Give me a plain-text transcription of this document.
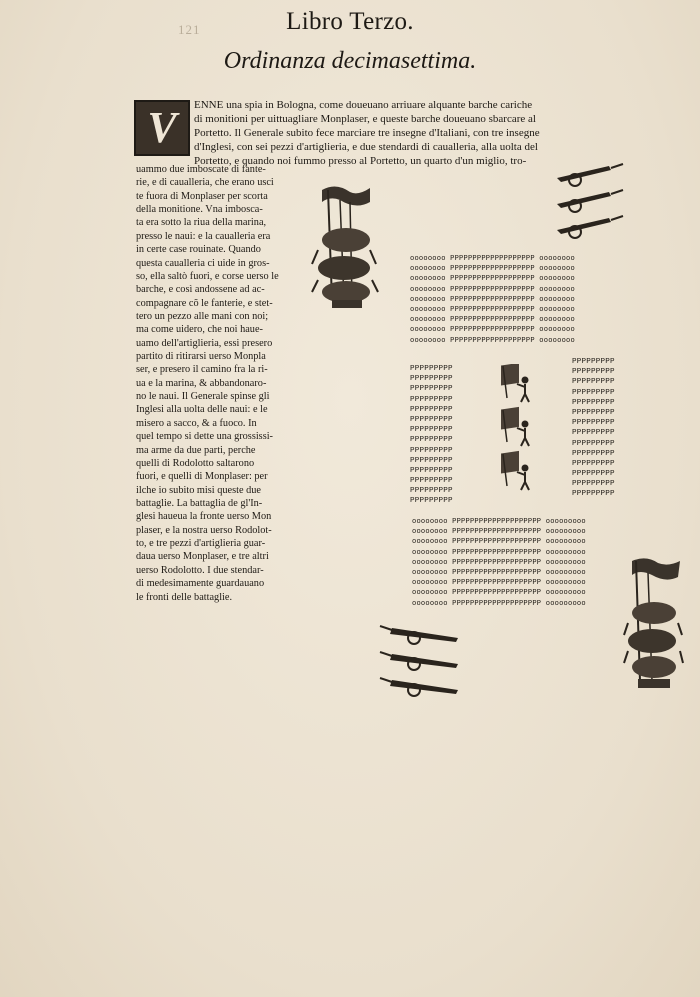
121	Libro Terzo.
Ordinanza decimasettima.
V ENNE una spia in Bologna, come doueuano arriuare alquante barche cariche
di monitioni per uittuagliare Monplaser, e queste barche doueuano sbarcare al
Portetto. Il Generale subito fece marciare tre insegne d'Italiani, con tre insegne
d'Inglesi, con sei pezzi d'artiglieria, e due stendardi di caualleria, alla uolta del
Portetto, e quando noi fummo presso al Portetto, un quarto d'un miglio, tro-
uammo due imboscate di fante-
rie, e di caualleria, che erano usci
te fuora di Monplaser per scorta
della monitione. Vna imbosca-
ta era sotto la riua della marina,
presso le naui: e la caualleria era
in certe case rouinate. Quando
questa caualleria ci uide in gros-
so, ella saltò fuori, e corse uerso le
barche, e così andossene ad ac-
compagnare cõ le fanterie, e stet-
tero un pezzo alle mani con noi;
ma come uidero, che noi haue-
uamo dell'artiglieria, essi presero
partito di ritirarsi uerso Monpla
ser, e presero il camino fra la ri-
ua e la marina, & abbandonaro-
no le naui. Il Generale spinse gli
Inglesi alla uolta delle naui: e le
misero a sacco, & a fuoco. In
quel tempo si dette una grossissi-
ma arme da due parti, perche
quelli di Rodolotto saltarono
fuori, e quelli di Monplaser: per
ilche io subito misi queste due
battaglie. La battaglia de gl'In-
glesi haueua la fronte uerso Mon
plaser, e la nostra uerso Rodolot-
to, e tre pezzi d'artiglieria guar-
daua uerso Monplaser, e tre altri
uerso Rodolotto. I due stendar-
di medesimamente guardauano
le fronti delle battaglie.
oooooooo PPPPPPPPPPPPPPPPPPP oooooooo
oooooooo PPPPPPPPPPPPPPPPPPP oooooooo
oooooooo PPPPPPPPPPPPPPPPPPP oooooooo
oooooooo PPPPPPPPPPPPPPPPPPP oooooooo
oooooooo PPPPPPPPPPPPPPPPPPP oooooooo
oooooooo PPPPPPPPPPPPPPPPPPP oooooooo
oooooooo PPPPPPPPPPPPPPPPPPP oooooooo
oooooooo PPPPPPPPPPPPPPPPPPP oooooooo
oooooooo PPPPPPPPPPPPPPPPPPP oooooooo
PPPPPPPPP
PPPPPPPPP
PPPPPPPPP
PPPPPPPPP
PPPPPPPPP
PPPPPPPPP
PPPPPPPPP
PPPPPPPPP
PPPPPPPPP
PPPPPPPPP
PPPPPPPPP
PPPPPPPPP
PPPPPPPPP
PPPPPPPPP
PPPPPPPPP
PPPPPPPPP
PPPPPPPPP
PPPPPPPPP
PPPPPPPPP
PPPPPPPPP
PPPPPPPPP
PPPPPPPPP
PPPPPPPPP
PPPPPPPPP
PPPPPPPPP
PPPPPPPPP
PPPPPPPPP
PPPPPPPPP
oooooooo PPPPPPPPPPPPPPPPPPPP ooooooooo
oooooooo PPPPPPPPPPPPPPPPPPPP ooooooooo
oooooooo PPPPPPPPPPPPPPPPPPPP ooooooooo
oooooooo PPPPPPPPPPPPPPPPPPPP ooooooooo
oooooooo PPPPPPPPPPPPPPPPPPPP ooooooooo
oooooooo PPPPPPPPPPPPPPPPPPPP ooooooooo
oooooooo PPPPPPPPPPPPPPPPPPPP ooooooooo
oooooooo PPPPPPPPPPPPPPPPPPPP ooooooooo
oooooooo PPPPPPPPPPPPPPPPPPPP ooooooooo
